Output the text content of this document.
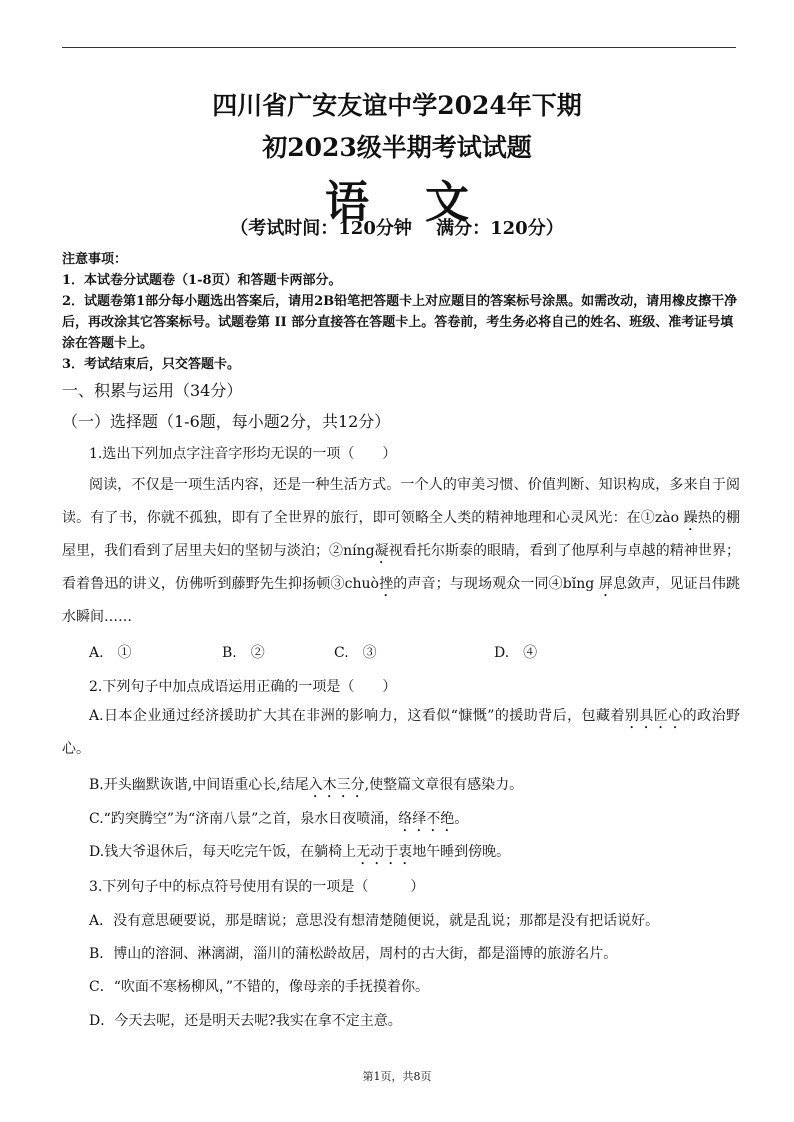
四川省广安友谊中学2024年下期
初2023级半期考试试题
语文
（考试时间：120分钟　 满分：120分）
注意事项：
1．本试卷分试题卷（1-8页）和答题卡两部分。
2．试题卷第1部分每小题选出答案后，请用2B铅笔把答题卡上对应题目的答案标号涂黑。如需改动，请用橡皮擦干净后，再改涂其它答案标号。试题卷第 II 部分直接答在答题卡上。答卷前，考生务必将自己的姓名、班级、准考证号填涂在答题卡上。
3．考试结束后，只交答题卡。
一、积累与运用（34分）
（一）选择题（1-6题，每小题2分，共12分）
1.选出下列加点字注音字形均无误的一项（　　）
阅读，不仅是一项生活内容，还是一种生活方式。一个人的审美习惯、价值判断、知识构成，多来自于阅读。有了书，你就不孤独，即有了全世界的旅行，即可领略全人类的精神地理和心灵风光：在①zào 躁热的棚屋里，我们看到了居里夫妇的坚韧与淡泊；②níng凝视看托尔斯泰的眼睛，看到了他厚利与卓越的精神世界；看着鲁迅的讲义，仿佛听到藤野先生抑扬顿③chuò挫的声音；与现场观众一同④bǐng 屏息敛声，见证吕伟跳水瞬间……
A.　①	B.　②	C.　③	D.　④
2.下列句子中加点成语运用正确的一项是（　　）
A.日本企业通过经济援助扩大其在非洲的影响力，这看似“慷慨”的援助背后，包藏着别具匠心的政治野心。
B.开头幽默诙谐,中间语重心长,结尾入木三分,使整篇文章很有感染力。
C.“趵突腾空”为“济南八景”之首，泉水日夜喷涌，络绎不绝。
D.钱大爷退休后，每天吃完午饭，在躺椅上无动于衷地午睡到傍晚。
3.下列句子中的标点符号使用有误的一项是（　　　）
A．没有意思硬要说，那是瞎说；意思没有想清楚随便说，就是乱说；那都是没有把话说好。
B．博山的溶洞、淋漓湖，淄川的蒲松龄故居，周村的古大街，都是淄博的旅游名片。
C．“吹面不寒杨柳风，”不错的，像母亲的手抚摸着你。
D．今天去呢，还是明天去呢?我实在拿不定主意。
第1页，共8页
